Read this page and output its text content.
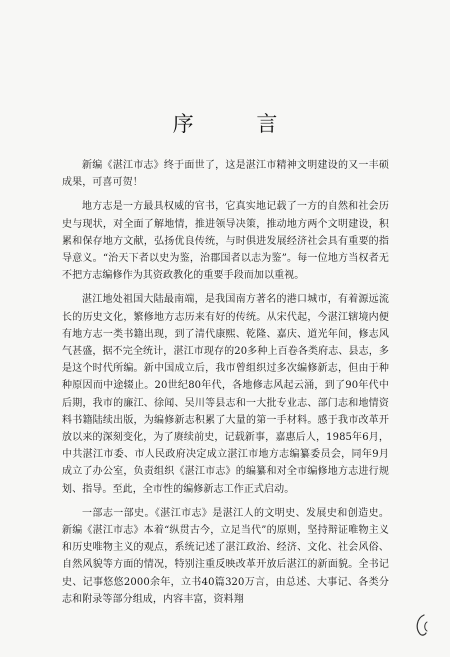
序 言

新编《湛江市志》终于面世了，这是湛江市精神文明建设的又一丰硕成果，可喜可贺！

地方志是一方最具权威的官书，它真实地记载了一方的自然和社会历史与现状，对全面了解地情，推进领导决策，推动地方两个文明建设，积累和保存地方文献，弘扬优良传统，与时俱进发展经济社会具有重要的指导意义。“治天下者以史为鉴，治郡国者以志为鉴”。每一位地方当权者无不把方志编修作为其资政教化的重要手段而加以重视。

湛江地处祖国大陆最南端，是我国南方著名的港口城市，有着源远流长的历史文化，繁修地方志历来有好的传统。从宋代起，今湛江辖境内便有地方志一类书籍出现，到了清代康熙、乾隆、嘉庆、道光年间，修志风气甚盛，据不完全统计，湛江市现存的20多种上百卷各类府志、县志，多是这个时代所编。新中国成立后，我市曾组织过多次编修新志，但由于种种原因而中途辍止。20世纪80年代，各地修志风起云涌，到了90年代中后期，我市的廉江、徐闻、吴川等县志和一大批专业志、部门志和地情资料书籍陆续出版，为编修新志积累了大量的第一手材料。感于我市改革开放以来的深刻变化，为了赓续前史，记载新事，嘉惠后人，1985年6月，中共湛江市委、市人民政府决定成立湛江市地方志编纂委员会，同年9月成立了办公室，负责组织《湛江市志》的编纂和对全市编修地方志进行规划、指导。至此，全市性的编修新志工作正式启动。

一部志一部史。《湛江市志》是湛江人的文明史、发展史和创造史。新编《湛江市志》本着“纵贯古今，立足当代”的原则，坚持辩证唯物主义和历史唯物主义的观点，系统记述了湛江政治、经济、文化、社会风俗、自然风貌等方面的情况，特别注重反映改革开放后湛江的新面貌。全书记史、记事悠悠2000余年，立书40篇320万言，由总述、大事记、各类分志和附录等部分组成，内容丰富，资料翔
